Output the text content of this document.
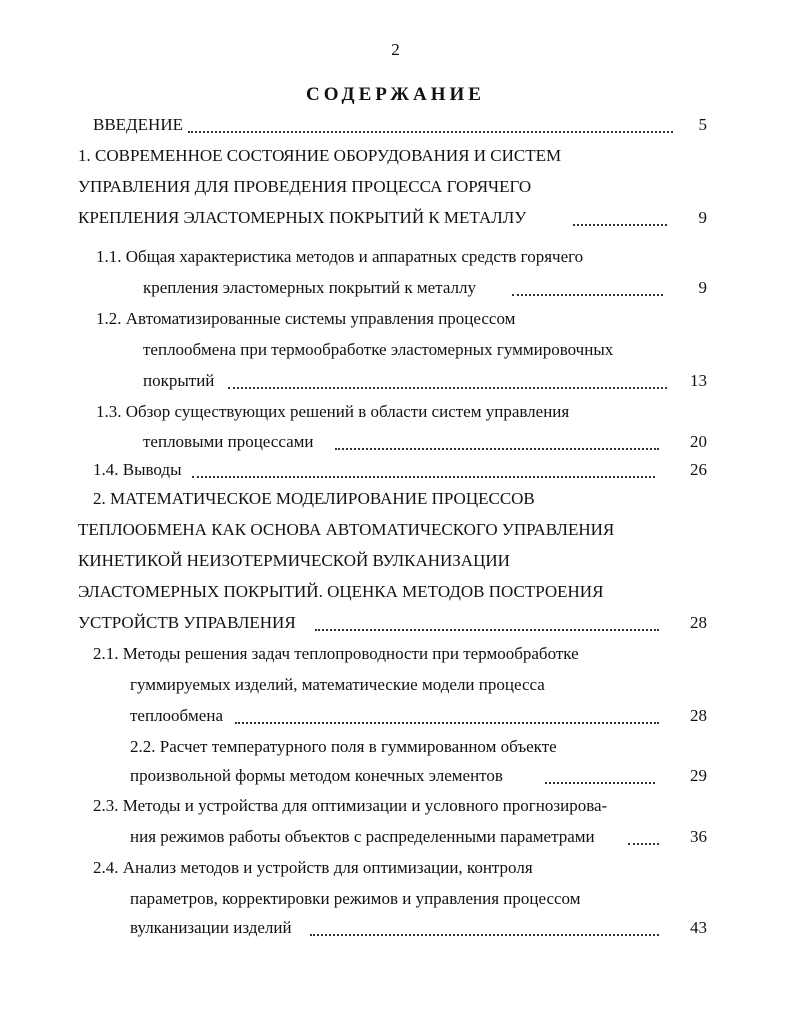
2
СОДЕРЖАНИЕ
ВВЕДЕНИЕ	5
1. СОВРЕМЕННОЕ СОСТОЯНИЕ ОБОРУДОВАНИЯ И СИСТЕМ
УПРАВЛЕНИЯ ДЛЯ ПРОВЕДЕНИЯ ПРОЦЕССА ГОРЯЧЕГО
КРЕПЛЕНИЯ ЭЛАСТОМЕРНЫХ ПОКРЫТИЙ К МЕТАЛЛУ	9
1.1. Общая характеристика методов и аппаратных средств горячего
крепления эластомерных покрытий к металлу	9
1.2. Автоматизированные системы управления процессом
теплообмена при термообработке эластомерных гуммировочных
покрытий	13
1.3. Обзор существующих решений в области систем управления
тепловыми процессами	20
1.4. Выводы	26
2. МАТЕМАТИЧЕСКОЕ МОДЕЛИРОВАНИЕ ПРОЦЕССОВ
ТЕПЛООБМЕНА КАК ОСНОВА АВТОМАТИЧЕСКОГО УПРАВЛЕНИЯ
КИНЕТИКОЙ НЕИЗОТЕРМИЧЕСКОЙ ВУЛКАНИЗАЦИИ
ЭЛАСТОМЕРНЫХ ПОКРЫТИЙ. ОЦЕНКА МЕТОДОВ ПОСТРОЕНИЯ
УСТРОЙСТВ УПРАВЛЕНИЯ	28
2.1. Методы решения задач теплопроводности при термообработке
гуммируемых изделий, математические модели процесса
теплообмена	28
2.2. Расчет температурного поля в гуммированном объекте
произвольной формы методом конечных элементов	29
2.3. Методы и устройства для оптимизации и условного прогнозирова-
ния режимов работы объектов с распределенными параметрами	36
2.4. Анализ методов и устройств для оптимизации, контроля
параметров, корректировки режимов и управления процессом
вулканизации изделий	43
